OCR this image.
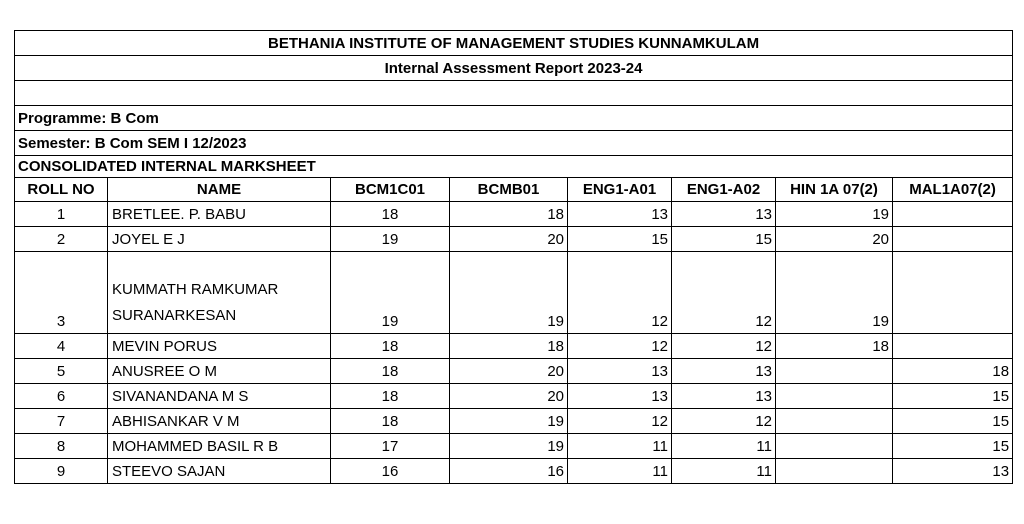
BETHANIA INSTITUTE OF MANAGEMENT STUDIES KUNNAMKULAM							
Internal Assessment Report 2023-24							

Programme: B Com							
Semester: B Com SEM I 12/2023							
CONSOLIDATED INTERNAL MARKSHEET							
ROLL NO	NAME	BCM1C01	BCMB01	ENG1-A01	ENG1-A02	HIN 1A 07(2)	MAL1A07(2)
1	BRETLEE. P. BABU	18	18	13	13	19	
2	JOYEL E J	19	20	15	15	20	
3	KUMMATH RAMKUMAR
SURANARKESAN	19	19	12	12	19	
4	MEVIN PORUS	18	18	12	12	18	
5	ANUSREE O M	18	20	13	13		18
6	SIVANANDANA M S	18	20	13	13		15
7	ABHISANKAR V M	18	19	12	12		15
8	MOHAMMED BASIL R B	17	19	11	11		15
9	STEEVO SAJAN	16	16	11	11		13
